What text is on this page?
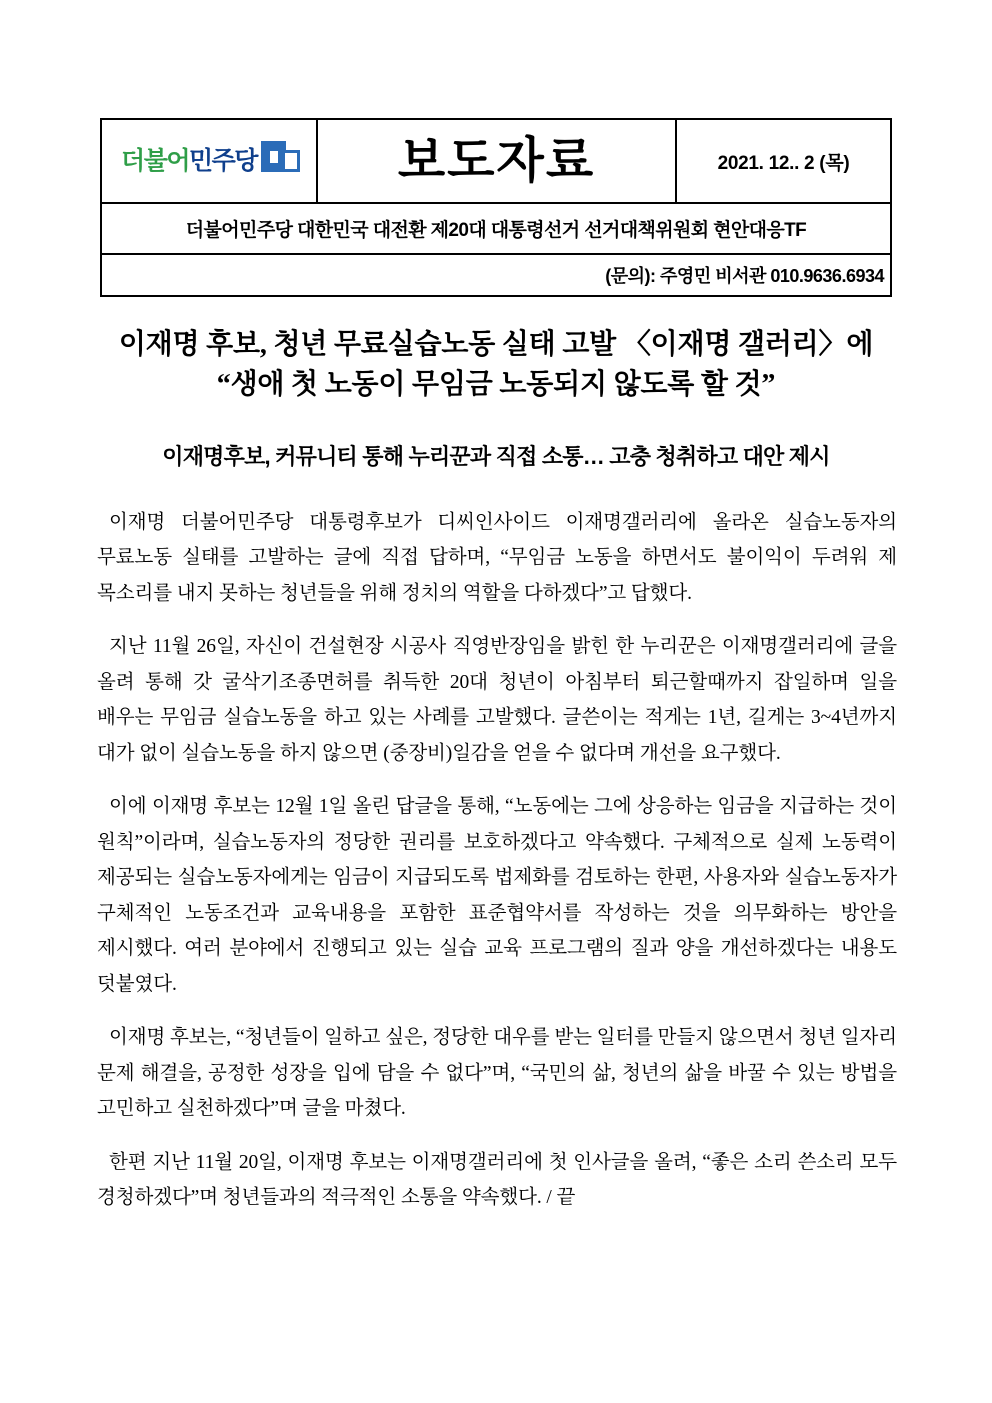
더불어민주당	보도자료	2021. 12.. 2 (목)
더불어민주당 대한민국 대전환 제20대 대통령선거 선거대책위원회 현안대응TF
(문의): 주영민 비서관 010.9636.6934
이재명 후보, 청년 무료실습노동 실태 고발 〈이재명 갤러리〉에
“생애 첫 노동이 무임금 노동되지 않도록 할 것”
이재명후보, 커뮤니티 통해 누리꾼과 직접 소통… 고충 청취하고 대안 제시

이재명 더불어민주당 대통령후보가 디씨인사이드 이재명갤러리에 올라온 실습노동자의 무료노동 실태를 고발하는 글에 직접 답하며, “무임금 노동을 하면서도 불이익이 두려워 제 목소리를 내지 못하는 청년들을 위해 정치의 역할을 다하겠다”고 답했다.

지난 11월 26일, 자신이 건설현장 시공사 직영반장임을 밝힌 한 누리꾼은 이재명갤러리에 글을 올려 통해 갓 굴삭기조종면허를 취득한 20대 청년이 아침부터 퇴근할때까지 잡일하며 일을 배우는 무임금 실습노동을 하고 있는 사례를 고발했다. 글쓴이는 적게는 1년, 길게는 3~4년까지 대가 없이 실습노동을 하지 않으면 (중장비)일감을 얻을 수 없다며 개선을 요구했다.

이에 이재명 후보는 12월 1일 올린 답글을 통해, “노동에는 그에 상응하는 임금을 지급하는 것이 원칙”이라며, 실습노동자의 정당한 권리를 보호하겠다고 약속했다. 구체적으로 실제 노동력이 제공되는 실습노동자에게는 임금이 지급되도록 법제화를 검토하는 한편, 사용자와 실습노동자가 구체적인 노동조건과 교육내용을 포함한 표준협약서를 작성하는 것을 의무화하는 방안을 제시했다. 여러 분야에서 진행되고 있는 실습 교육 프로그램의 질과 양을 개선하겠다는 내용도 덧붙였다.

이재명 후보는, “청년들이 일하고 싶은, 정당한 대우를 받는 일터를 만들지 않으면서 청년 일자리 문제 해결을, 공정한 성장을 입에 담을 수 없다”며, “국민의 삶, 청년의 삶을 바꿀 수 있는 방법을 고민하고 실천하겠다”며 글을 마쳤다.

한편 지난 11월 20일, 이재명 후보는 이재명갤러리에 첫 인사글을 올려, “좋은 소리 쓴소리 모두 경청하겠다”며 청년들과의 적극적인 소통을 약속했다. / 끝
